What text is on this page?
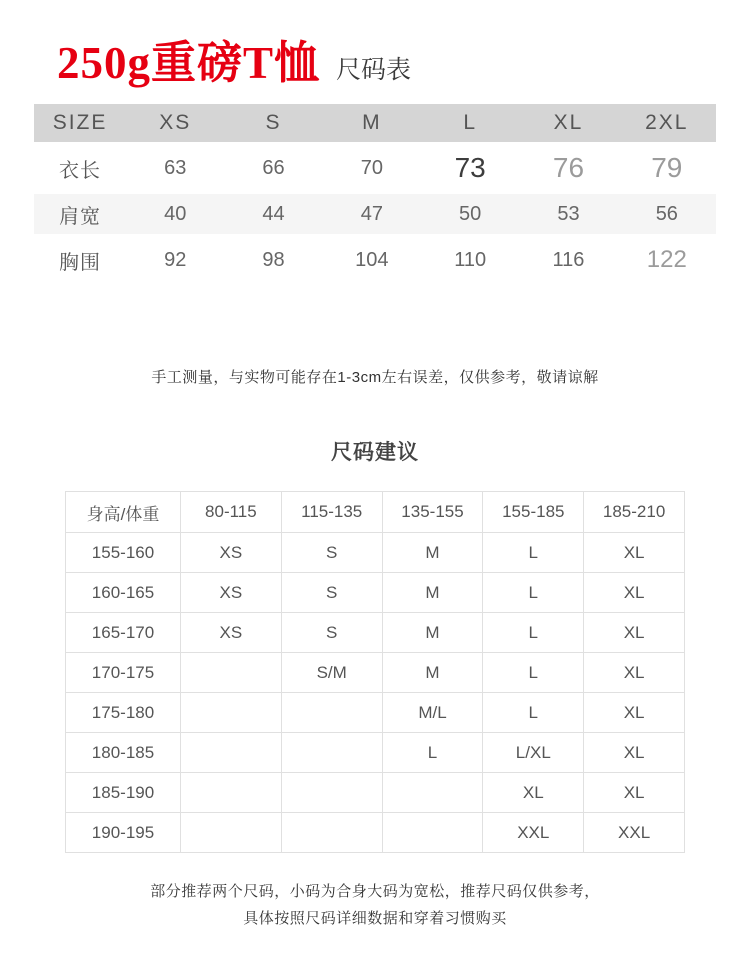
250g重磅T恤 尺码表
SIZE	XS	S	M	L	XL	2XL
衣长	63	66	70	73	76	79
肩宽	40	44	47	50	53	56
胸围	92	98	104	110	116	122
手工测量，与实物可能存在1-3cm左右误差，仅供参考，敬请谅解
尺码建议
身高/体重	80-115	115-135	135-155	155-185	185-210
155-160	XS	S	M	L	XL
160-165	XS	S	M	L	XL
165-170	XS	S	M	L	XL
170-175		S/M	M	L	XL
175-180			M/L	L	XL
180-185			L	L/XL	XL
185-190				XL	XL
190-195				XXL	XXL
部分推荐两个尺码，小码为合身大码为宽松，推荐尺码仅供参考，
具体按照尺码详细数据和穿着习惯购买
